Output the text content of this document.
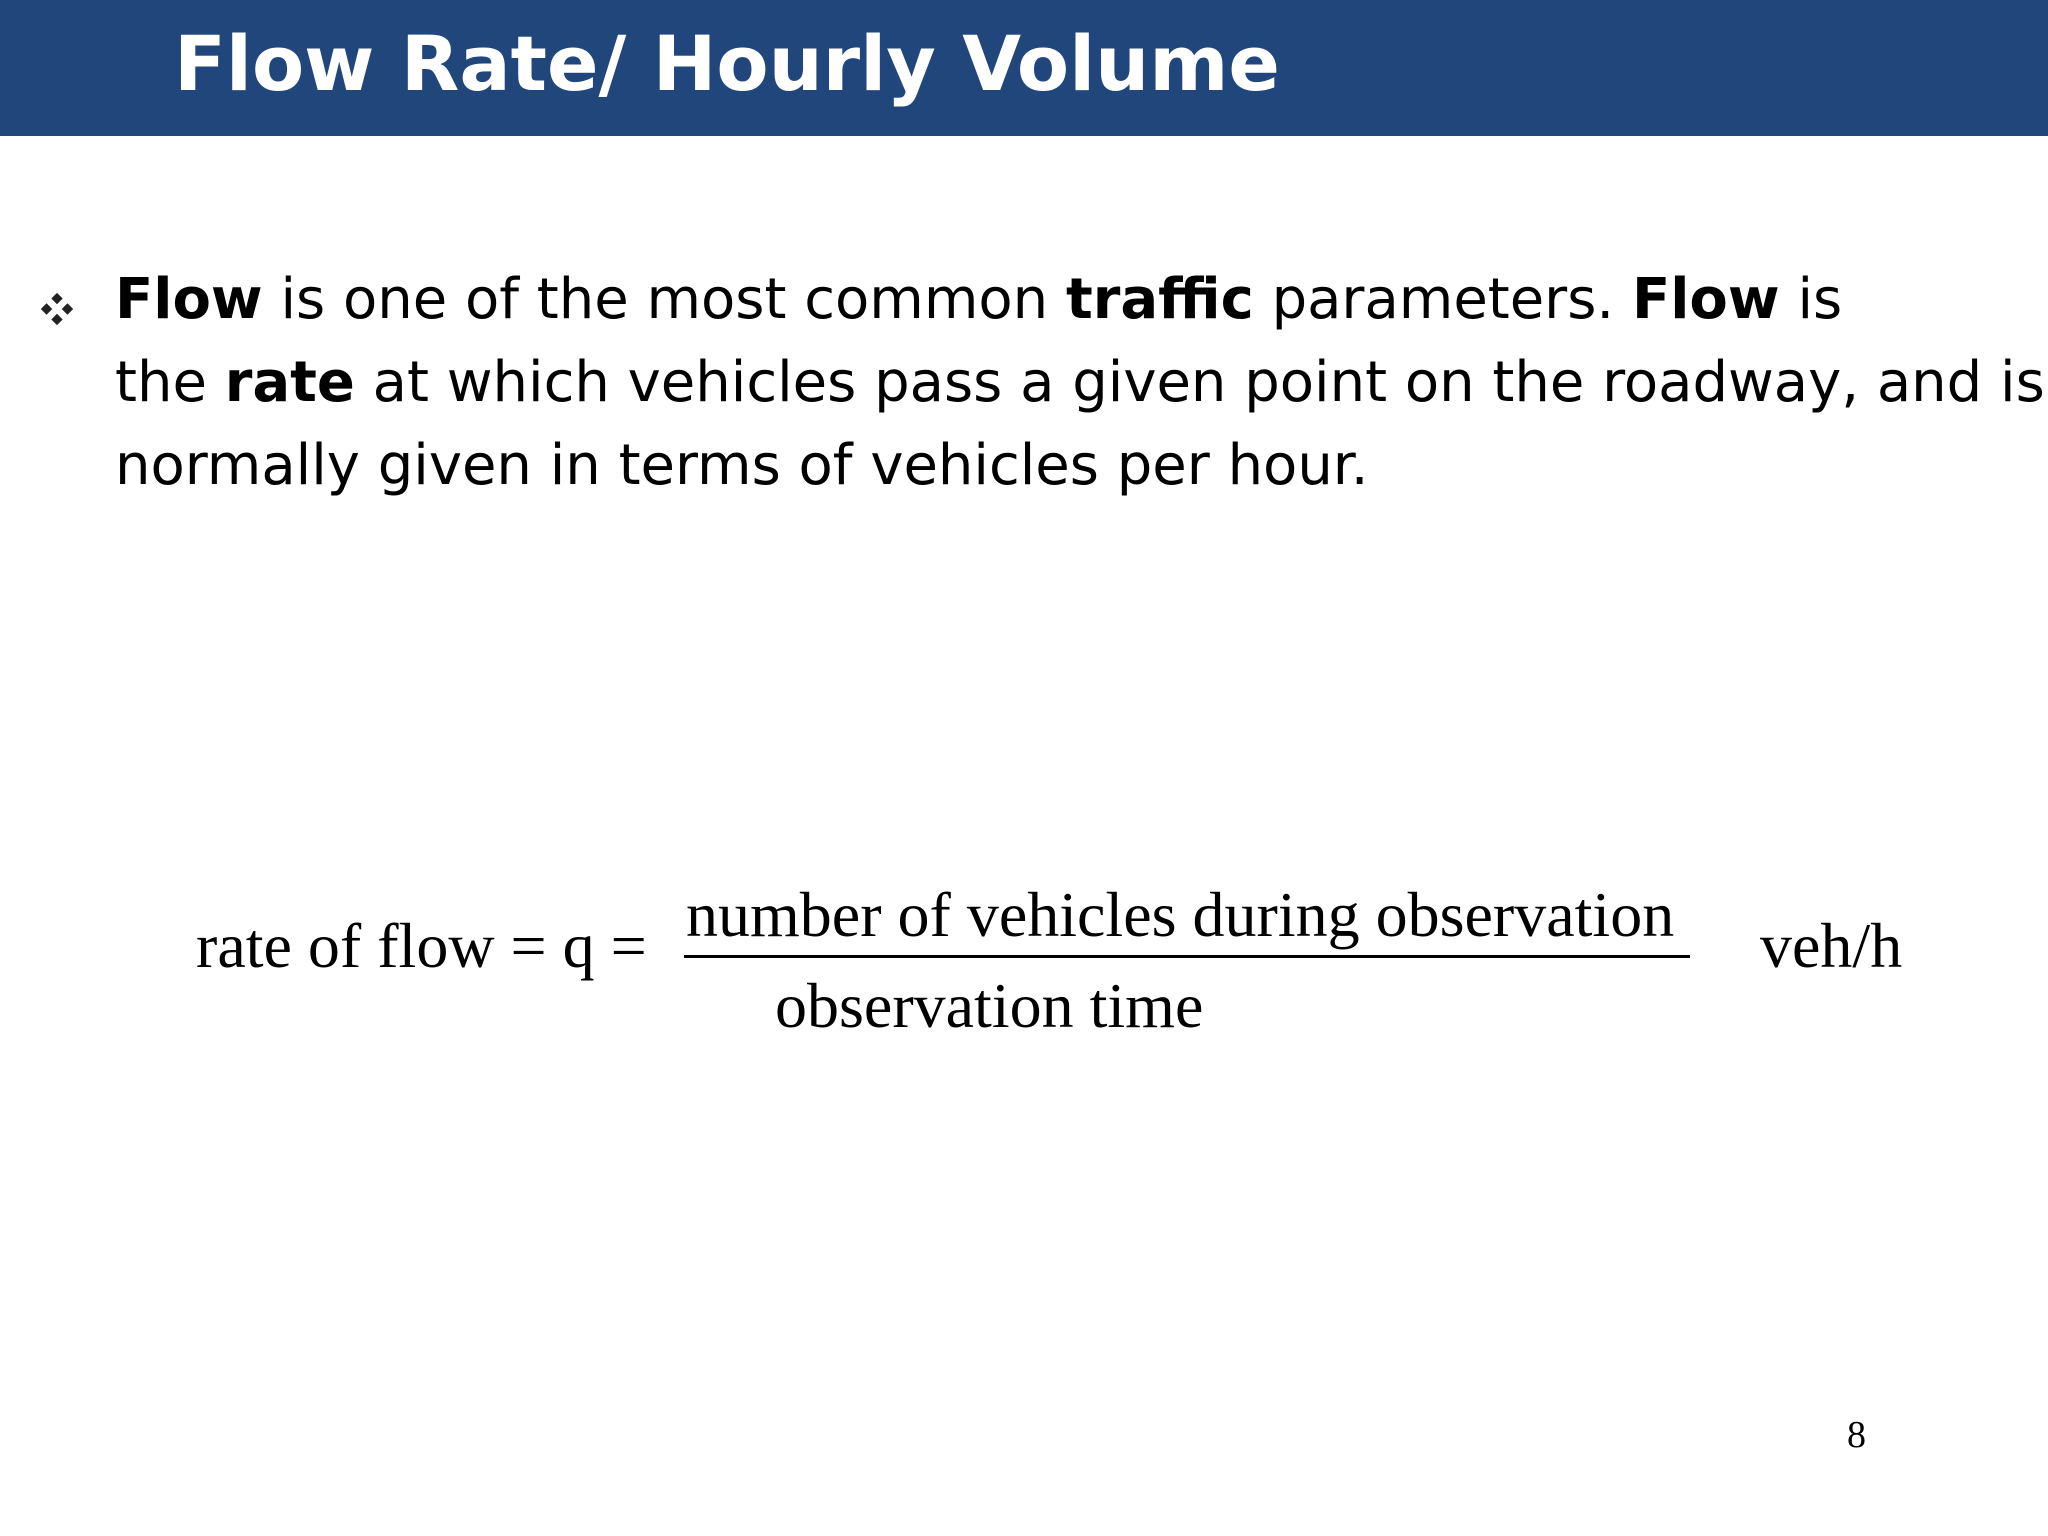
Flow Rate/ Hourly Volume

Flow is one of the most common traffic parameters. Flow is
the rate at which vehicles pass a given point on the roadway, and is
normally given in terms of vehicles per hour.

rate of flow = q = number of vehicles during observation
observation time
veh/h
8
